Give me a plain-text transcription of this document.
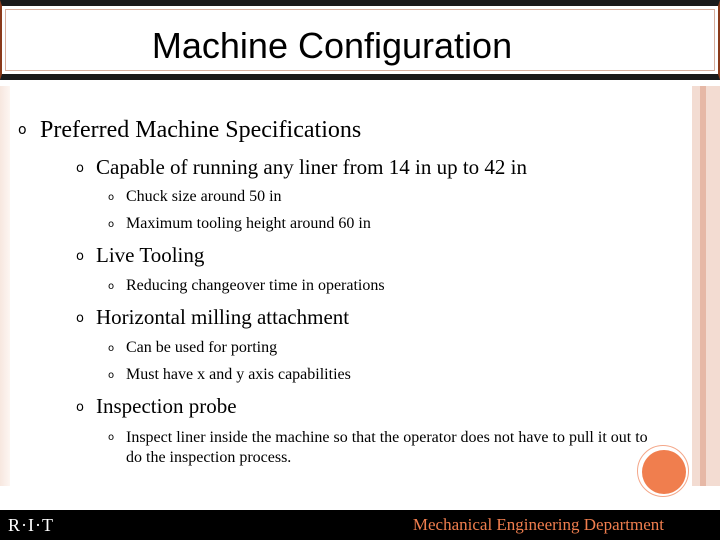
Machine Configuration
o Preferred Machine Specifications
o Capable of running any liner from 14 in up to 42 in
o Chuck size around 50 in
o Maximum tooling height around 60 in
o Live Tooling
o Reducing changeover time in operations
o Horizontal milling attachment
o Can be used for porting
o Must have x and y axis capabilities
o Inspection probe
o Inspect liner inside the machine so that the operator does not have to pull it out to do the inspection process.
R·I·T	Mechanical Engineering Department
